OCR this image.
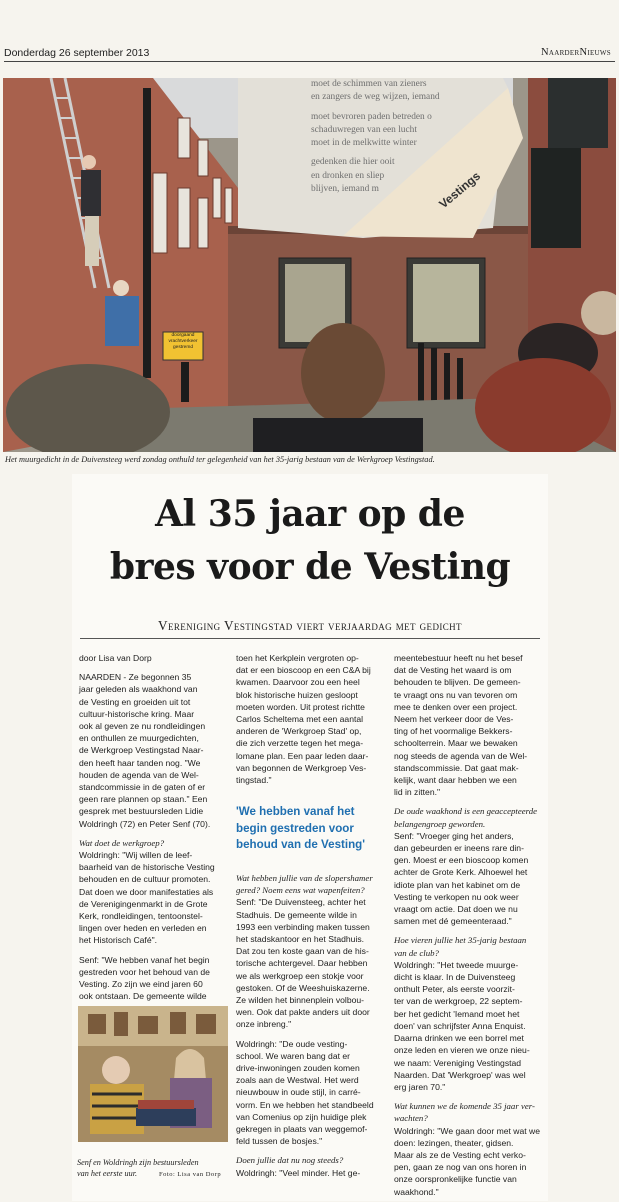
Donderdag 26 september 2013	NaarderNieuws
moet de schimmen van zieners
en zangers de weg wijzen, iemand
moet bevroren paden betreden o
schaduwregen van een lucht
moet in de melkwitte winter
gedenken die hier ooit
en dronken en sliep
blijven, iemand m	Vestings
doorgaand
vrachtverkeer
gestremd
Het muurgedicht in de Duivensteeg werd zondag onthuld ter gelegenheid van het 35-jarig bestaan van de Werkgroep Vestingstad.
Al 35 jaar op de
bres voor de Vesting
Vereniging Vestingstad viert verjaardag met gedicht

door Lisa van Dorp

NAARDEN - Ze begonnen 35

jaar geleden als waakhond van

de Vesting en groeiden uit tot

cultuur-historische kring. Maar

ook al geven ze nu rondleidingen

en onthullen ze muurgedichten,

de Werkgroep Vestingstad Naar-

den heeft haar tanden nog. "We

houden de agenda van de Wel-

standcommissie in de gaten of er

geen rare plannen op staan." Een

gesprek met bestuursleden Lidie

Woldringh (72) en Peter Senf (70).

Wat doet de werkgroep?

Woldringh: "Wij willen de leef-

baarheid van de historische Vesting

behouden en de cultuur promoten.

Dat doen we door manifestaties als

de Verenigingenmarkt in de Grote

Kerk, rondleidingen, tentoonstel-

lingen over heden en verleden en

het Historisch Café".

Senf: "We hebben vanaf het begin

gestreden voor het behoud van de

Vesting. Zo zijn we eind jaren 60

ook ontstaan. De gemeente wilde

toen het Kerkplein vergroten op-

dat er een bioscoop en een C&A bij

kwamen. Daarvoor zou een heel

blok historische huizen gesloopt

moeten worden. Uit protest richtte

Carlos Scheltema met een aantal

anderen de 'Werkgroep Stad' op,

die zich verzette tegen het mega-

lomane plan. Een paar leden daar-

van begonnen de Werkgroep Ves-

tingstad."

'We hebben vanaf het

begin gestreden voor

behoud van de Vesting'

Wat hebben jullie van de slopershamer

gered? Noem eens wat wapenfeiten?

Senf: "De Duivensteeg, achter het

Stadhuis. De gemeente wilde in

1993 een verbinding maken tussen

het stadskantoor en het Stadhuis.

Dat zou ten koste gaan van de his-

torische achtergevel. Daar hebben

we als werkgroep een stokje voor

gestoken. Of de Weeshuiskazerne.

Ze wilden het binnenplein volbou-

wen. Ook dat pakte anders uit door

onze inbreng."

Woldringh: "De oude vesting-

school. We waren bang dat er

drive-inwoningen zouden komen

zoals aan de Westwal. Het werd

nieuwbouw in oude stijl, in carré-

vorm. En we hebben het standbeeld

van Comenius op zijn huidige plek

gekregen in plaats van weggemof-

feld tussen de bosjes."

Doen jullie dat nu nog steeds?

Woldringh: "Veel minder. Het ge-

meentebestuur heeft nu het besef

dat de Vesting het waard is om

behouden te blijven. De gemeen-

te vraagt ons nu van tevoren om

mee te denken over een project.

Neem het verkeer door de Ves-

ting of het voormalige Bekkers-

schoolterrein. Maar we bewaken

nog steeds de agenda van de Wel-

standscommissie. Dat gaat mak-

kelijk, want daar hebben we een

lid in zitten."

De oude waakhond is een geaccepteerde

belangengroep geworden.

Senf: "Vroeger ging het anders,

dan gebeurden er ineens rare din-

gen. Moest er een bioscoop komen

achter de Grote Kerk. Alhoewel het

idiote plan van het kabinet om de

Vesting te verkopen nu ook weer

vraagt om actie. Dat doen we nu

samen met dé gemeenteraad."

Hoe vieren jullie het 35-jarig bestaan

van de club?

Woldringh: "Het tweede muurge-

dicht is klaar. In de Duivensteeg

onthult Peter, als eerste voorzit-

ter van de werkgroep, 22 septem-

ber het gedicht 'Iemand moet het

doen' van schrijfster Anna Enquist.

Daarna drinken we een borrel met

onze leden en vieren we onze nieu-

we naam: Vereniging Vestingstad

Naarden. Dat 'Werkgroep' was wel

erg jaren 70."

Wat kunnen we de komende 35 jaar ver-

wachten?

Woldringh: "We gaan door met wat we

doen: lezingen, theater, gidsen.

Maar als ze de Vesting echt verko-

pen, gaan ze nog van ons horen in

onze oorspronkelijke functie van

waakhond."

Senf en Woldringh zijn bestuursleden

van het eerste uur.	Foto: Lisa van Dorp
